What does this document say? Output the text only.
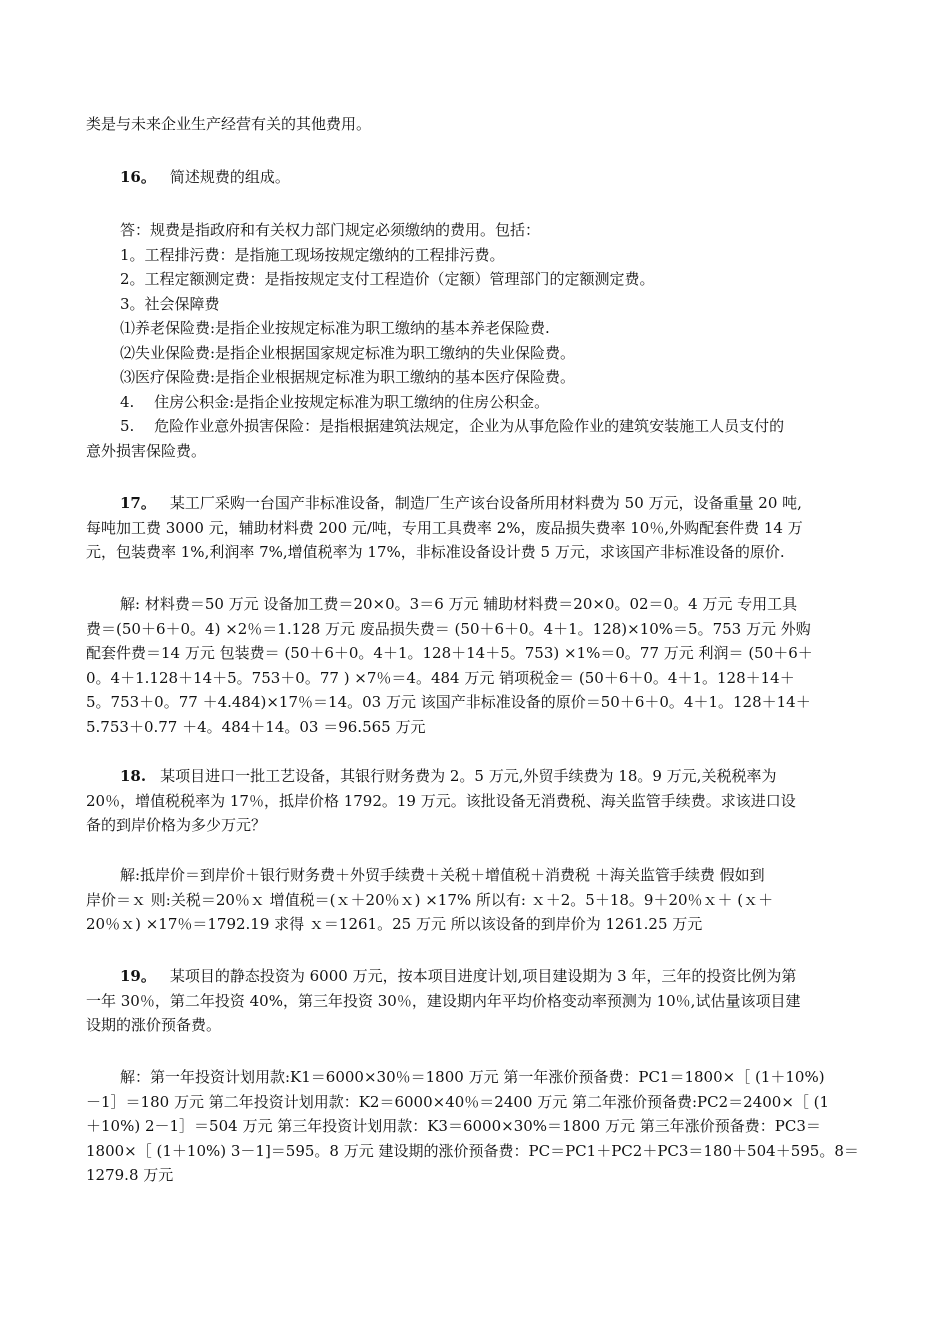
类是与未来企业生产经营有关的其他费用。
16。 简述规费的组成。
答：规费是指政府和有关权力部门规定必须缴纳的费用。包括：
1。工程排污费：是指施工现场按规定缴纳的工程排污费。
2。工程定额测定费：是指按规定支付工程造价（定额）管理部门的定额测定费。
3。社会保障费
⑴养老保险费:是指企业按规定标准为职工缴纳的基本养老保险费.
⑵失业保险费:是指企业根据国家规定标准为职工缴纳的失业保险费。
⑶医疗保险费:是指企业根据规定标准为职工缴纳的基本医疗保险费。
4.　 住房公积金:是指企业按规定标准为职工缴纳的住房公积金。
5.　 危险作业意外损害保险：是指根据建筑法规定，企业为从事危险作业的建筑安装施工人员支付的
意外损害保险费。
17。 某工厂采购一台国产非标准设备，制造厂生产该台设备所用材料费为 50 万元，设备重量 20 吨,
每吨加工费 3000 元，辅助材料费 200 元/吨，专用工具费率 2%，废品损失费率 10％,外购配套件费 14 万
元，包装费率 1%,利润率 7%,增值税率为 17%，非标准设备设计费 5 万元，求该国产非标准设备的原价.
解: 材料费＝50 万元 设备加工费＝20×0。3＝6 万元 辅助材料费＝20×0。02＝0。4 万元 专用工具
费＝(50＋6＋0。4) ×2％＝1.128 万元 废品损失费＝ (50＋6＋0。4＋1。128)×10%＝5。753 万元 外购
配套件费＝14 万元 包装费＝ (50＋6＋0。4＋1。128＋14＋5。753) ×1%＝0。77 万元 利润＝ (50＋6＋
0。4＋1.128＋14＋5。753＋0。77 ) ×7％＝4。484 万元 销项税金＝ (50＋6＋0。4＋1。128＋14＋
5。753＋0。77 ＋4.484)×17％＝14。03 万元 该国产非标准设备的原价＝50＋6＋0。4＋1。128＋14＋
5.753＋0.77 ＋4。484＋14。03 ＝96.565 万元
18. 某项目进口一批工艺设备，其银行财务费为 2。5 万元,外贸手续费为 18。9 万元,关税税率为
20％，增值税税率为 17％，抵岸价格 1792。19 万元。该批设备无消费税、海关监管手续费。求该进口设
备的到岸价格为多少万元？
解:抵岸价＝到岸价＋银行财务费＋外贸手续费＋关税＋增值税＋消费税 ＋海关监管手续费 假如到
岸价＝ｘ 则:关税＝20％ｘ 增值税＝(ｘ＋20％ｘ) ×17% 所以有: ｘ＋2。5＋18。9＋20％ｘ＋ (ｘ＋
20％ｘ) ×17％＝1792.19 求得 ｘ＝1261。25 万元 所以该设备的到岸价为 1261.25 万元
19。 某项目的静态投资为 6000 万元，按本项目进度计划,项目建设期为 3 年，三年的投资比例为第
一年 30％，第二年投资 40%，第三年投资 30％，建设期内年平均价格变动率预测为 10％,试估量该项目建
设期的涨价预备费。
解：第一年投资计划用款:K1＝6000×30％＝1800 万元 第一年涨价预备费：PC1＝1800×［ (1＋10%)
－1］＝180 万元 第二年投资计划用款：K2＝6000×40％＝2400 万元 第二年涨价预备费:PC2＝2400×［ (1
＋10%) 2－1］＝504 万元 第三年投资计划用款：K3＝6000×30%＝1800 万元 第三年涨价预备费：PC3＝
1800×［ (1＋10%) 3－1]＝595。8 万元 建设期的涨价预备费：PC＝PC1＋PC2＋PC3＝180＋504＋595。8＝
1279.8 万元
